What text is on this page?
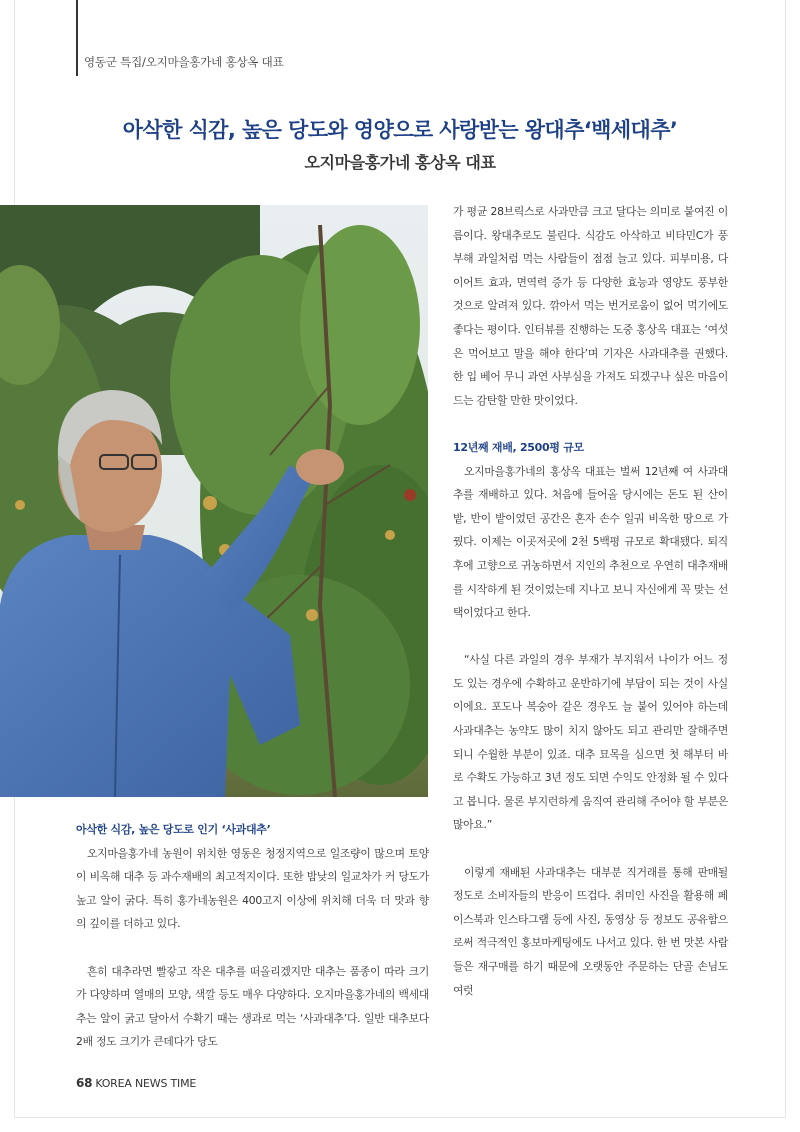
영동군 특집/오지마을홍가네 홍상옥 대표
아삭한 식감, 높은 당도와 영양으로 사랑받는 왕대추‘백세대추’
오지마을홍가네 홍상옥 대표

아삭한 식감, 높은 당도로 인기 ‘사과대추’

오지마을홍가네 농원이 위치한 영동은 청정지역으로 일조량이 많으며 토양이 비옥해 대추 등 과수재배의 최고적지이다. 또한 밤낮의 일교차가 커 당도가 높고 알이 굵다. 특히 홍가네농원은 400고지 이상에 위치해 더욱 더 맛과 향의 깊이를 더하고 있다.

흔히 대추라면 빨갛고 작은 대추를 떠올리겠지만 대추는 품종이 따라 크기가 다양하며 열매의 모양, 색깔 등도 매우 다양하다. 오지마을홍가네의 백세대추는 알이 굵고 달아서 수확기 때는 생과로 먹는 ‘사과대추’다. 일반 대추보다 2배 정도 크기가 큰데다가 당도

가 평균 28브릭스로 사과만큼 크고 달다는 의미로 붙여진 이름이다. 왕대추로도 불린다. 식감도 아삭하고 비타민C가 풍부해 과일처럼 먹는 사람들이 점점 늘고 있다. 피부미용, 다이어트 효과, 면역력 증가 등 다양한 효능과 영양도 풍부한 것으로 알려져 있다. 깎아서 먹는 번거로움이 없어 먹기에도 좋다는 평이다. 인터뷰를 진행하는 도중 홍상옥 대표는 ‘여섯은 먹어보고 말을 해야 한다’며 기자은 사과대추를 권했다. 한 입 베어 무니 과연 사부심을 가져도 되겠구나 싶은 마음이 드는 감탄할 만한 맛이었다.

12년째 재배, 2500평 규모

오지마을홍가네의 홍상옥 대표는 벌써 12년째 여 사과대추를 재배하고 있다. 처음에 들어올 당시에는 돈도 된 산이 밭, 반이 밭이었던 공간은 혼자 손수 일궈 비옥한 땅으로 가꿨다. 이제는 이곳저곳에 2천 5백평 규모로 확대됐다. 퇴직 후에 고향으로 귀농하면서 지인의 추천으로 우연히 대추재배를 시작하게 된 것이었는데 지나고 보니 자신에게 꼭 맞는 선택이었다고 한다.

“사실 다른 과일의 경우 부재가 부지워서 나이가 어느 정도 있는 경우에 수확하고 운반하기에 부담이 되는 것이 사실이에요. 포도나 복숭아 같은 경우도 늘 붙어 있어야 하는데 사과대추는 농약도 많이 치지 않아도 되고 관리만 잘해주면 되니 수월한 부분이 있죠. 대추 묘목을 심으면 첫 해부터 바로 수확도 가능하고 3년 정도 되면 수익도 안정화 될 수 있다고 봅니다. 물론 부지런하게 움직여 관리해 주어야 할 부분은 많아요.”

이렇게 재배된 사과대추는 대부분 직거래를 통해 판매될 정도로 소비자들의 반응이 뜨겁다. 취미인 사진을 활용해 페이스북과 인스타그램 등에 사진, 동영상 등 정보도 공유함으로써 적극적인 홍보마케팅에도 나서고 있다. 한 번 맛본 사람들은 재구매를 하기 때문에 오랫동안 주문하는 단골 손님도 여럿

68 KOREA NEWS TIME
